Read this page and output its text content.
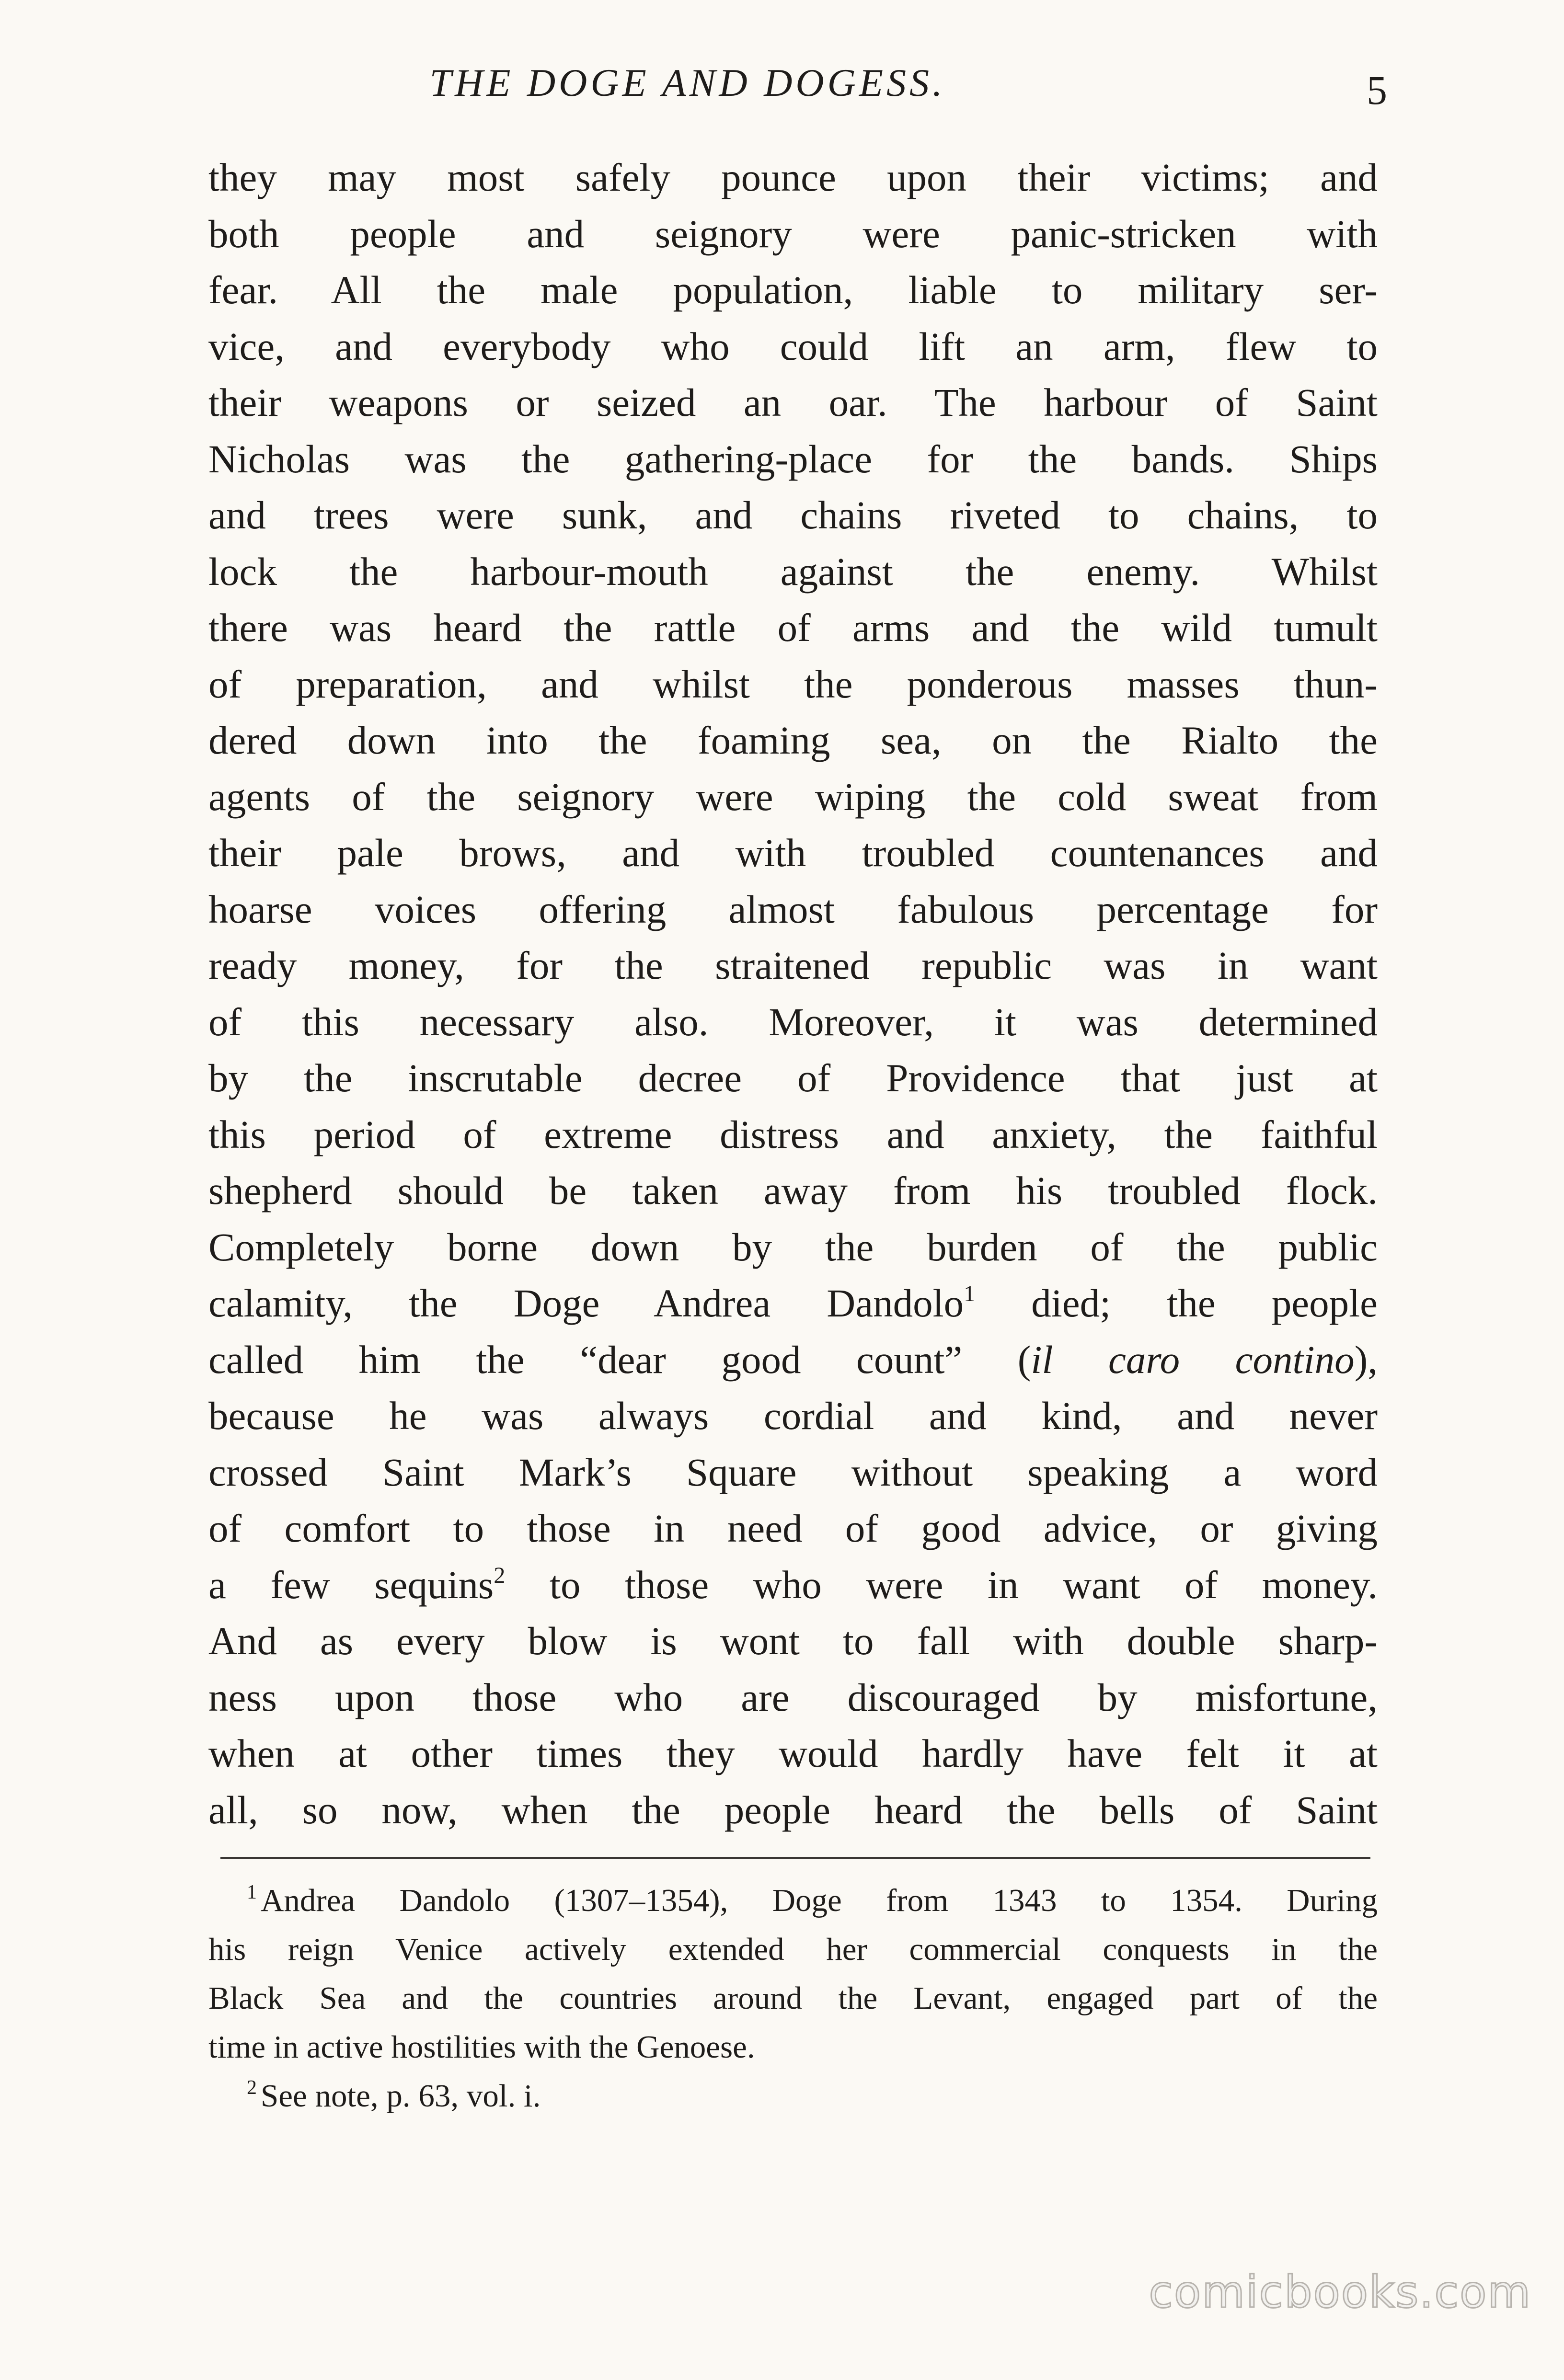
THE DOGE AND DOGESS.	5
they may most safely pounce upon their victims; and
both people and seignory were panic-stricken with
fear. All the male population, liable to military ser-
vice, and everybody who could lift an arm, flew to
their weapons or seized an oar. The harbour of Saint
Nicholas was the gathering-place for the bands. Ships
and trees were sunk, and chains riveted to chains, to
lock the harbour-mouth against the enemy. Whilst
there was heard the rattle of arms and the wild tumult
of preparation, and whilst the ponderous masses thun-
dered down into the foaming sea, on the Rialto the
agents of the seignory were wiping the cold sweat from
their pale brows, and with troubled countenances and
hoarse voices offering almost fabulous percentage for
ready money, for the straitened republic was in want
of this necessary also. Moreover, it was determined
by the inscrutable decree of Providence that just at
this period of extreme distress and anxiety, the faithful
shepherd should be taken away from his troubled flock.
Completely borne down by the burden of the public
calamity, the Doge Andrea Dandolo$^1$ died; the people
called him the “dear good count” (il caro contino),
because he was always cordial and kind, and never
crossed Saint Mark’s Square without speaking a word
of comfort to those in need of good advice, or giving
a few sequins$^2$ to those who were in want of money.
And as every blow is wont to fall with double sharp-
ness upon those who are discouraged by misfortune,
when at other times they would hardly have felt it at
all, so now, when the people heard the bells of Saint
$^1$ Andrea Dandolo (1307–1354), Doge from 1343 to 1354. During
his reign Venice actively extended her commercial conquests in the
Black Sea and the countries around the Levant, engaged part of the
time in active hostilities with the Genoese.
$^2$ See note, p. 63, vol. i.
comicbooks.com
